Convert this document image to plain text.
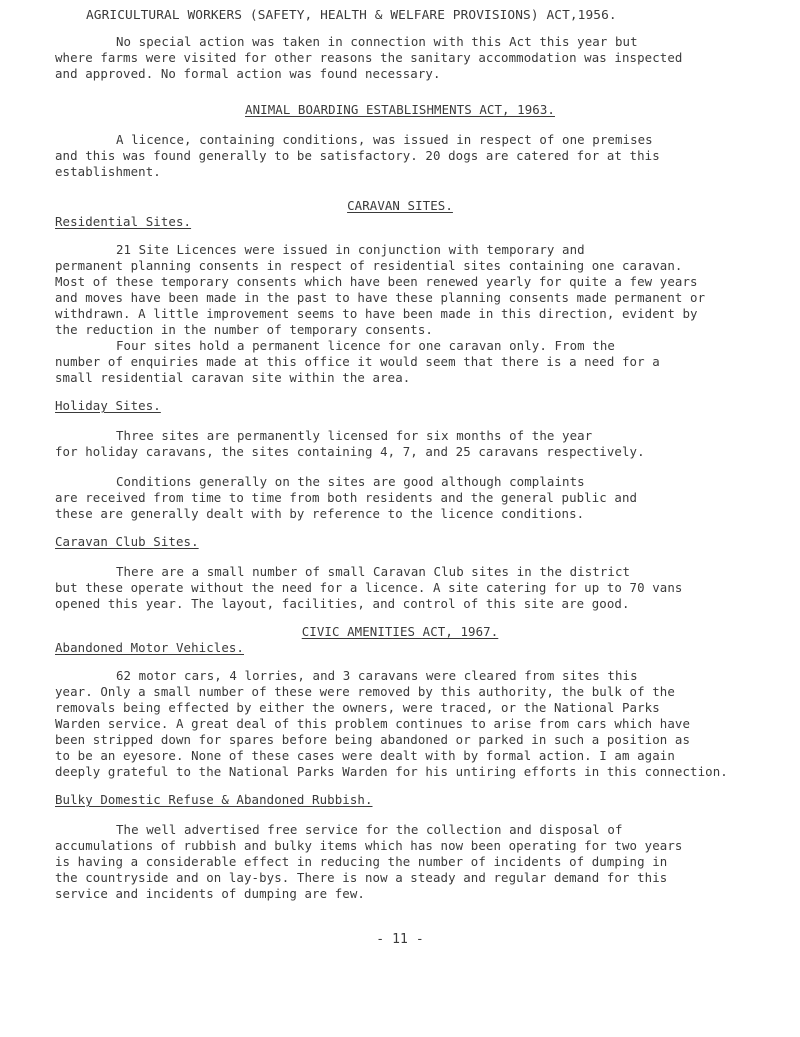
AGRICULTURAL WORKERS (SAFETY, HEALTH & WELFARE PROVISIONS) ACT,1956.
No special action was taken in connection with this Act this year but
where farms were visited for other reasons the sanitary accommodation was inspected
and approved. No formal action was found necessary.
ANIMAL BOARDING ESTABLISHMENTS ACT, 1963.
A licence, containing conditions, was issued in respect of one premises
and this was found generally to be satisfactory. 20 dogs are catered for at this
establishment.
CARAVAN SITES.
Residential Sites.
21 Site Licences were issued in conjunction with temporary and
permanent planning consents in respect of residential sites containing one caravan.
Most of these temporary consents which have been renewed yearly for quite a few years
and moves have been made in the past to have these planning consents made permanent or
withdrawn. A little improvement seems to have been made in this direction, evident by
the reduction in the number of temporary consents.
Four sites hold a permanent licence for one caravan only. From the
number of enquiries made at this office it would seem that there is a need for a
small residential caravan site within the area.
Holiday Sites.
Three sites are permanently licensed for six months of the year
for holiday caravans, the sites containing 4, 7, and 25 caravans respectively.
Conditions generally on the sites are good although complaints
are received from time to time from both residents and the general public and
these are generally dealt with by reference to the licence conditions.
Caravan Club Sites.
There are a small number of small Caravan Club sites in the district
but these operate without the need for a licence. A site catering for up to 70 vans
opened this year. The layout, facilities, and control of this site are good.
CIVIC AMENITIES ACT, 1967.
Abandoned Motor Vehicles.
62 motor cars, 4 lorries, and 3 caravans were cleared from sites this
year. Only a small number of these were removed by this authority, the bulk of the
removals being effected by either the owners, were traced, or the National Parks
Warden service. A great deal of this problem continues to arise from cars which have
been stripped down for spares before being abandoned or parked in such a position as
to be an eyesore. None of these cases were dealt with by formal action. I am again
deeply grateful to the National Parks Warden for his untiring efforts in this connection.
Bulky Domestic Refuse & Abandoned Rubbish.
The well advertised free service for the collection and disposal of
accumulations of rubbish and bulky items which has now been operating for two years
is having a considerable effect in reducing the number of incidents of dumping in
the countryside and on lay-bys. There is now a steady and regular demand for this
service and incidents of dumping are few.
- 11 -
